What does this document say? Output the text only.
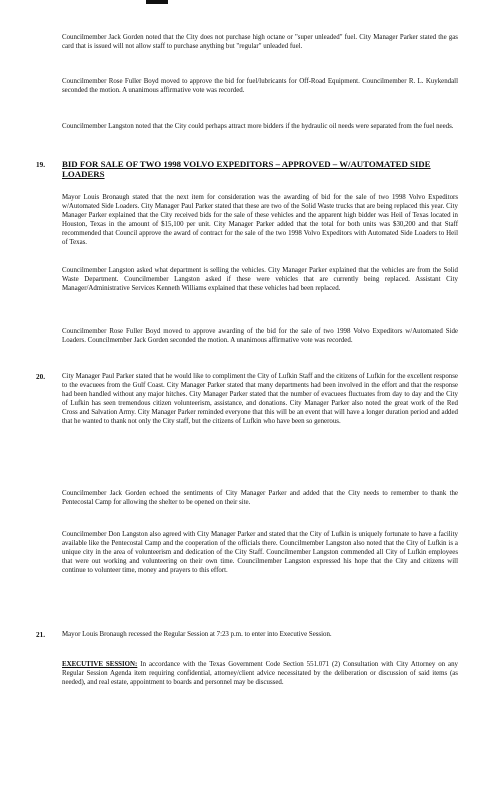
Councilmember Jack Gorden noted that the City does not purchase high octane or "super unleaded" fuel. City Manager Parker stated the gas card that is issued will not allow staff to purchase anything but "regular" unleaded fuel.
Councilmember Rose Fuller Boyd moved to approve the bid for fuel/lubricants for Off-Road Equipment. Councilmember R. L. Kuykendall seconded the motion. A unanimous affirmative vote was recorded.
Councilmember Langston noted that the City could perhaps attract more bidders if the hydraulic oil needs were separated from the fuel needs.
19. BID FOR SALE OF TWO 1998 VOLVO EXPEDITORS – APPROVED – W/AUTOMATED SIDE LOADERS
Mayor Louis Bronaugh stated that the next item for consideration was the awarding of bid for the sale of two 1998 Volvo Expeditors w/Automated Side Loaders. City Manager Paul Parker stated that these are two of the Solid Waste trucks that are being replaced this year. City Manager Parker explained that the City received bids for the sale of these vehicles and the apparent high bidder was Heil of Texas located in Houston, Texas in the amount of $15,100 per unit. City Manager Parker added that the total for both units was $30,200 and that Staff recommended that Council approve the award of contract for the sale of the two 1998 Volvo Expeditors with Automated Side Loaders to Heil of Texas.
Councilmember Langston asked what department is selling the vehicles. City Manager Parker explained that the vehicles are from the Solid Waste Department. Councilmember Langston asked if these were vehicles that are currently being replaced. Assistant City Manager/Administrative Services Kenneth Williams explained that these vehicles had been replaced.
Councilmember Rose Fuller Boyd moved to approve awarding of the bid for the sale of two 1998 Volvo Expeditors w/Automated Side Loaders. Councilmember Jack Gorden seconded the motion. A unanimous affirmative vote was recorded.
20. City Manager Paul Parker stated that he would like to compliment the City of Lufkin Staff and the citizens of Lufkin for the excellent response to the evacuees from the Gulf Coast. City Manager Parker stated that many departments had been involved in the effort and that the response had been handled without any major hitches. City Manager Parker stated that the number of evacuees fluctuates from day to day and the City of Lufkin has seen tremendous citizen volunteerism, assistance, and donations. City Manager Parker also noted the great work of the Red Cross and Salvation Army. City Manager Parker reminded everyone that this will be an event that will have a longer duration period and added that he wanted to thank not only the City staff, but the citizens of Lufkin who have been so generous.
Councilmember Jack Gorden echoed the sentiments of City Manager Parker and added that the City needs to remember to thank the Pentecostal Camp for allowing the shelter to be opened on their site.
Councilmember Don Langston also agreed with City Manager Parker and stated that the City of Lufkin is uniquely fortunate to have a facility available like the Pentecostal Camp and the cooperation of the officials there. Councilmember Langston also noted that the City of Lufkin is a unique city in the area of volunteerism and dedication of the City Staff. Councilmember Langston commended all City of Lufkin employees that were out working and volunteering on their own time. Councilmember Langston expressed his hope that the City and citizens will continue to volunteer time, money and prayers to this effort.
21. Mayor Louis Bronaugh recessed the Regular Session at 7:23 p.m. to enter into Executive Session.
EXECUTIVE SESSION: In accordance with the Texas Government Code Section 551.071 (2) Consultation with City Attorney on any Regular Session Agenda item requiring confidential, attorney/client advice necessitated by the deliberation or discussion of said items (as needed), and real estate, appointment to boards and personnel may be discussed.
